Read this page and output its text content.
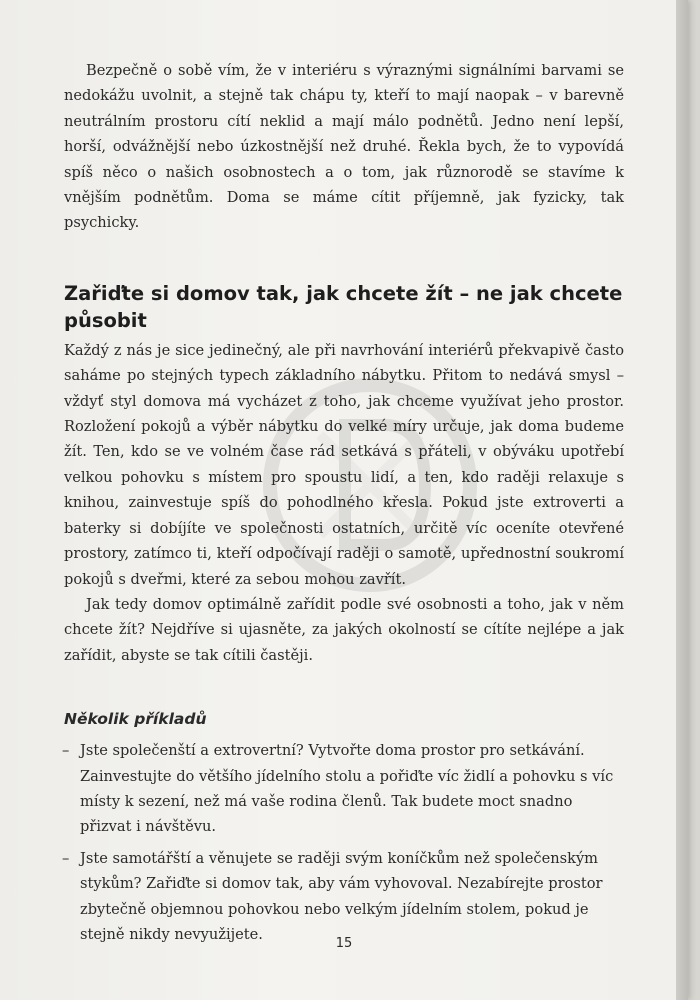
Bezpečně o sobě vím, že v interiéru s výraznými signálními barvami se nedokážu uvolnit, a stejně tak chápu ty, kteří to mají naopak – v barevně neutrálním prostoru cítí neklid a mají málo podnětů. Jedno není lepší, horší, odvážnější nebo úzkostnější než druhé. Řekla bych, že to vypovídá spíš něco o našich osobnostech a o tom, jak různorodě se stavíme k vnějším podnětům. Doma se máme cítit příjemně, jak fyzicky, tak psychicky.

Zařiďte si domov tak, jak chcete žít – ne jak chcete působit

Každý z nás je sice jedinečný, ale při navrhování interiérů překvapivě často saháme po stejných typech základního nábytku. Přitom to nedává smysl – vždyť styl domova má vycházet z toho, jak chceme využívat jeho prostor. Rozložení pokojů a výběr nábytku do velké míry určuje, jak doma budeme žít. Ten, kdo se ve volném čase rád setkává s přáteli, v obýváku upotřebí velkou pohovku s místem pro spoustu lidí, a ten, kdo raději relaxuje s knihou, zainvestuje spíš do pohodlného křesla. Pokud jste extroverti a baterky si dobíjíte ve společnosti ostatních, určitě víc oceníte otevřené prostory, zatímco ti, kteří odpočívají raději o samotě, upřednostní soukromí pokojů s dveřmi, které za sebou mohou zavřít.

Jak tedy domov optimálně zařídit podle své osobnosti a toho, jak v něm chcete žít? Nejdříve si ujasněte, za jakých okolností se cítíte nejlépe a jak zařídit, abyste se tak cítili častěji.

Několik příkladů
– Jste společenští a extrovertní? Vytvořte doma prostor pro setkávání. Zainvestujte do většího jídelního stolu a pořiďte víc židlí a pohovku s víc místy k sezení, než má vaše rodina členů. Tak budete moct snadno přizvat i návštěvu.
– Jste samotářští a věnujete se raději svým koníčkům než společenským stykům? Zařiďte si domov tak, aby vám vyhovoval. Nezabírejte prostor zbytečně objemnou pohovkou nebo velkým jídelním stolem, pokud je stejně nikdy nevyužijete.
15
